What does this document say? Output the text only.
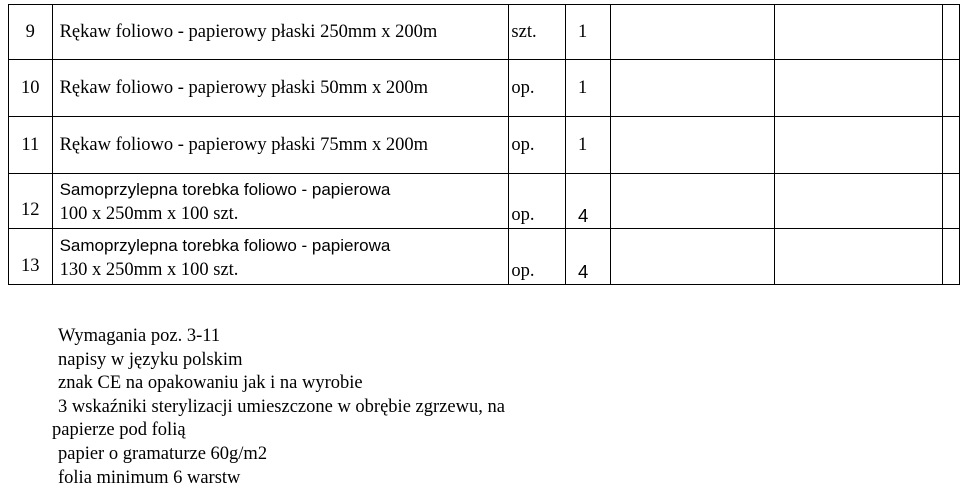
9	Rękaw foliowo - papierowy płaski 250mm x 200m	szt.	1			
10	Rękaw foliowo - papierowy płaski 50mm x 200m	op.	1			
11	Rękaw foliowo - papierowy płaski 75mm x 200m	op.	1			
12	Samoprzylepna torebka foliowo - papierowa
100 x 250mm x 100 szt.	op.	4			
13	Samoprzylepna torebka foliowo - papierowa
130 x 250mm x 100 szt.	op.	4			
Wymagania poz. 3-11
napisy w języku polskim
znak CE na opakowaniu jak i na wyrobie
3 wskaźniki sterylizacji umieszczone w obrębie zgrzewu, na
papierze pod folią
papier o gramaturze 60g/m2
folia minimum 6 warstw
